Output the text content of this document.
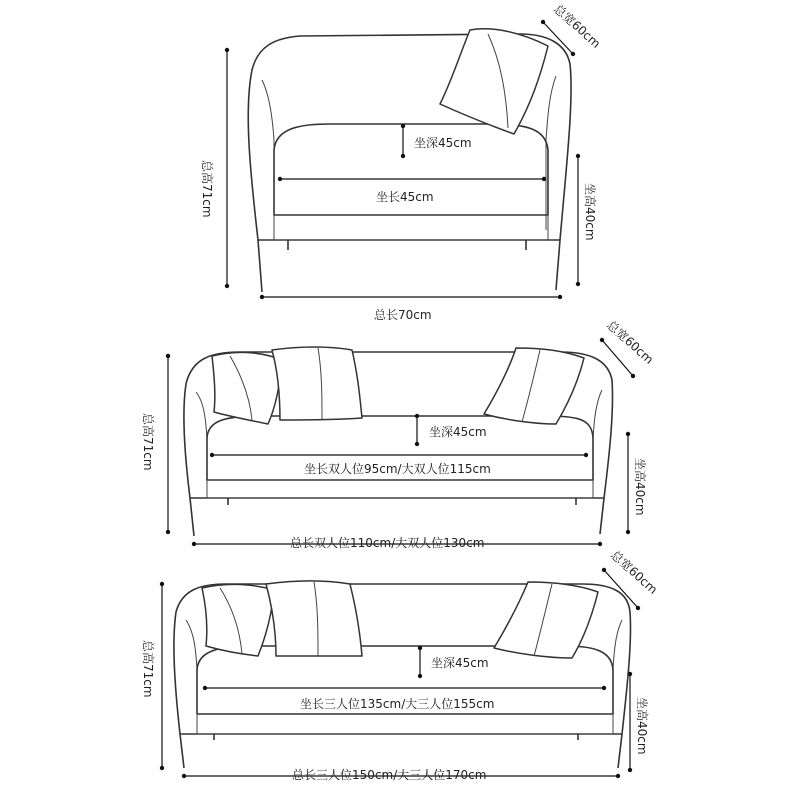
总宽60cm
坐深45cm
坐长45cm
总高71cm	坐高40cm
总长70cm
总宽60cm
坐深45cm
坐长双人位95cm/大双人位115cm
总高71cm
坐高40cm
总长双人位110cm/大双人位130cm
总宽60cm
坐深45cm
坐长三人位135cm/大三人位155cm
总高71cm
坐高40cm
总长三人位150cm/大三人位170cm
